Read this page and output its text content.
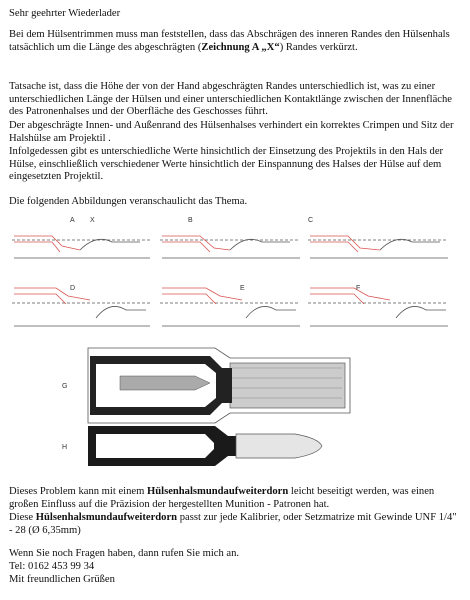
Sehr geehrter Wiederlader
Bei dem Hülsentrimmen muss man feststellen, dass das Abschrägen des inneren Randes den Hülsenhals tatsächlich um die Länge des abgeschrägten (Zeichnung A „X“) Randes verkürzt.
Tatsache ist, dass die Höhe der von der Hand abgeschrägten Randes unterschiedlich ist, was zu einer unterschiedlichen Länge der Hülsen und einer unterschiedlichen Kontaktlänge zwischen der Innenfläche des Patronenhalses und der Oberfläche des Geschosses führt.
Der abgeschrägte Innen- und Außenrand des Hülsenhalses verhindert ein korrektes Crimpen und Sitz der Halshülse am Projektil .
Infolgedessen gibt es unterschiedliche Werte hinsichtlich der Einsetzung des Projektils in den Hals der Hülse, einschließlich verschiedener Werte hinsichtlich der Einspannung des Halses der Hülse auf dem eingesetzten Projektil.
Die folgenden Abbildungen veranschaulicht das Thema.
A X	B	C
D	E	F
G
H
Dieses Problem kann mit einem Hülsenhalsmundaufweiterdorn leicht beseitigt werden, was einen großen Einfluss auf die Präzision der hergestellten Munition - Patronen hat.
Diese Hülsenhalsmundaufweiterdorn passt zur jede Kalibrier, oder Setzmatrize mit Gewinde UNF 1/4" - 28 (Ø 6,35mm)
Wenn Sie noch Fragen haben, dann rufen Sie mich an.
Tel: 0162 453 99 34
Mit freundlichen Grüßen
